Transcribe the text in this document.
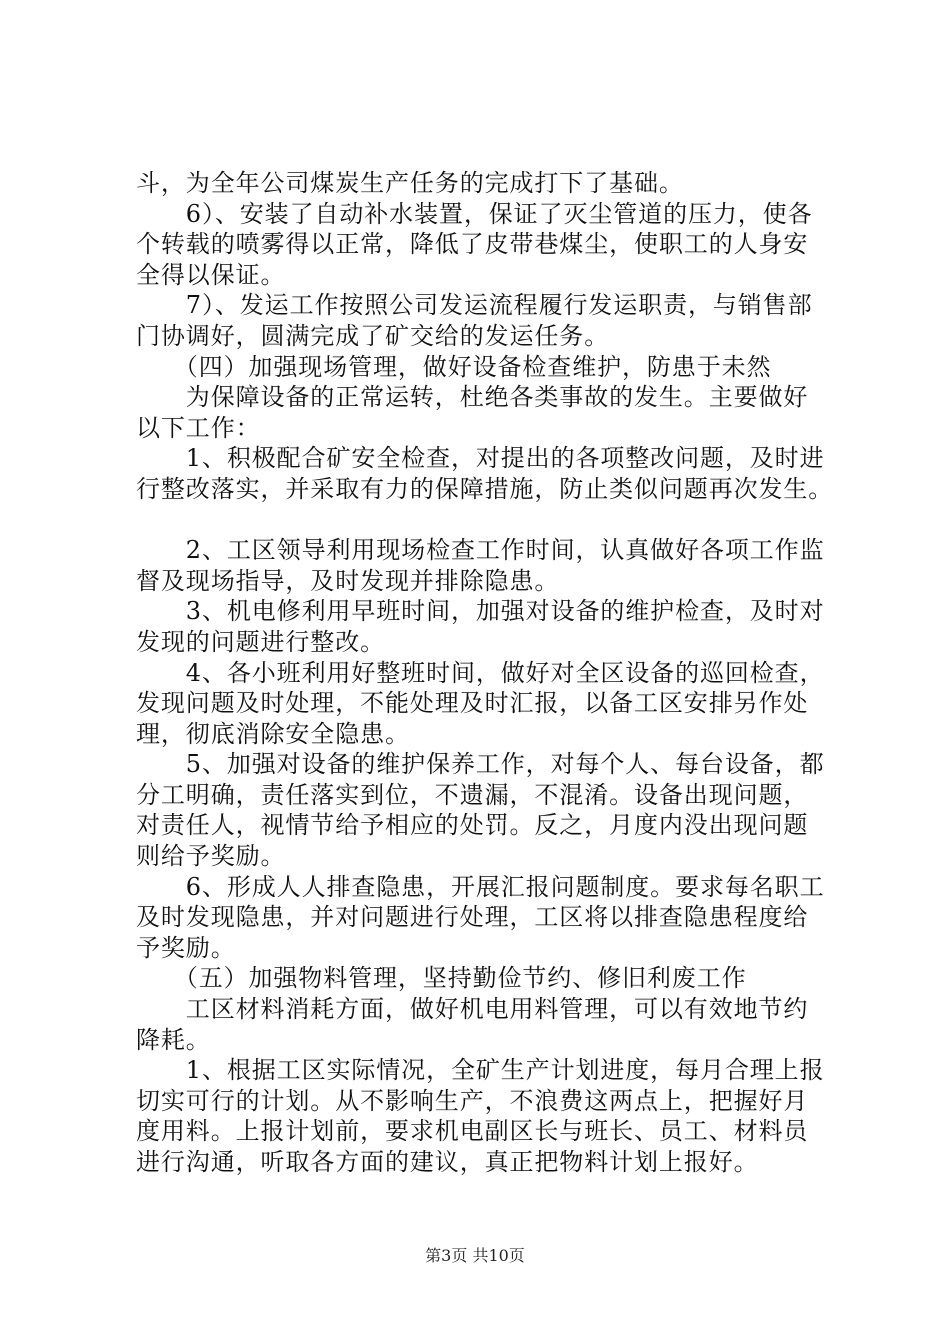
斗，为全年公司煤炭生产任务的完成打下了基础。
　　6）、安装了自动补水装置，保证了灭尘管道的压力，使各
个转载的喷雾得以正常，降低了皮带巷煤尘，使职工的人身安
全得以保证。
　　7）、发运工作按照公司发运流程履行发运职责，与销售部
门协调好，圆满完成了矿交给的发运任务。
　　（四）加强现场管理，做好设备检查维护，防患于未然
　　为保障设备的正常运转，杜绝各类事故的发生。主要做好
以下工作：
　　1、积极配合矿安全检查，对提出的各项整改问题，及时进
行整改落实，并采取有力的保障措施，防止类似问题再次发生。
　　2、工区领导利用现场检查工作时间，认真做好各项工作监
督及现场指导，及时发现并排除隐患。
　　3、机电修利用早班时间，加强对设备的维护检查，及时对
发现的问题进行整改。
　　4、各小班利用好整班时间，做好对全区设备的巡回检查，
发现问题及时处理，不能处理及时汇报，以备工区安排另作处
理，彻底消除安全隐患。
　　5、加强对设备的维护保养工作，对每个人、每台设备，都
分工明确，责任落实到位，不遗漏，不混淆。设备出现问题，
对责任人，视情节给予相应的处罚。反之，月度内没出现问题
则给予奖励。
　　6、形成人人排查隐患，开展汇报问题制度。要求每名职工
及时发现隐患，并对问题进行处理，工区将以排查隐患程度给
予奖励。
　　（五）加强物料管理，坚持勤俭节约、修旧利废工作
　　工区材料消耗方面，做好机电用料管理，可以有效地节约
降耗。
　　1、根据工区实际情况，全矿生产计划进度，每月合理上报
切实可行的计划。从不影响生产，不浪费这两点上，把握好月
度用料。上报计划前，要求机电副区长与班长、员工、材料员
进行沟通，听取各方面的建议，真正把物料计划上报好。
第3页 共10页
